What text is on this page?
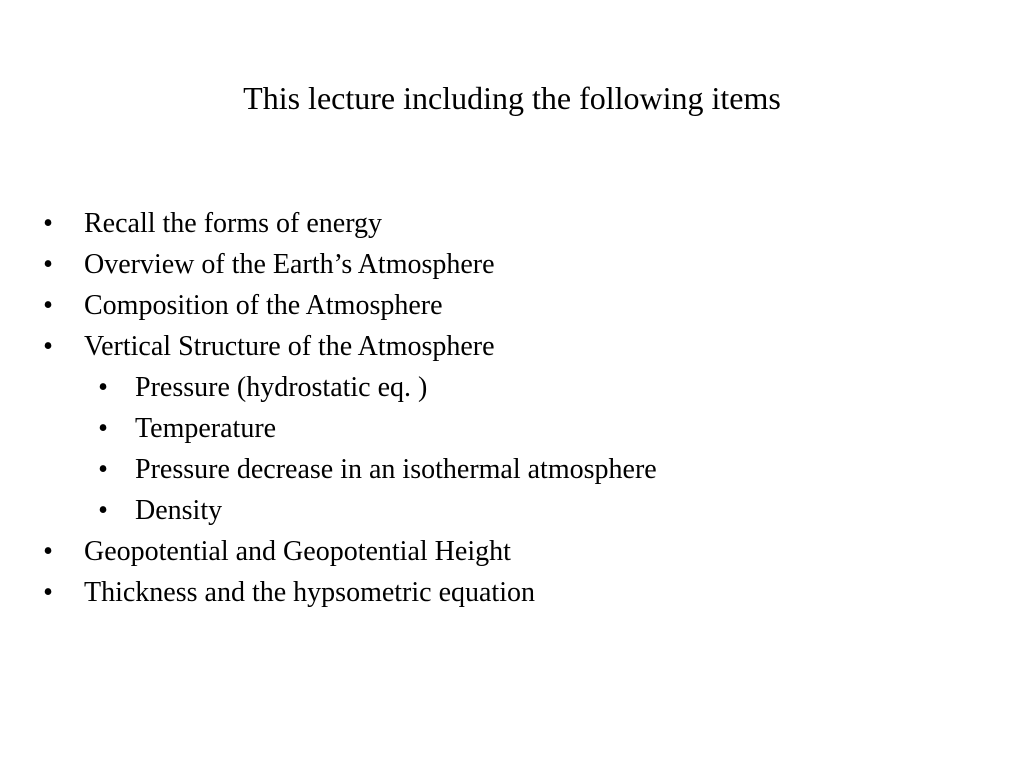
This lecture including the following items
• Recall the forms of energy
• Overview of the Earth’s Atmosphere
• Composition of the Atmosphere
• Vertical Structure of the Atmosphere
• Pressure (hydrostatic eq. )
• Temperature
• Pressure decrease in an isothermal atmosphere
• Density
• Geopotential and Geopotential Height
• Thickness and the hypsometric equation
